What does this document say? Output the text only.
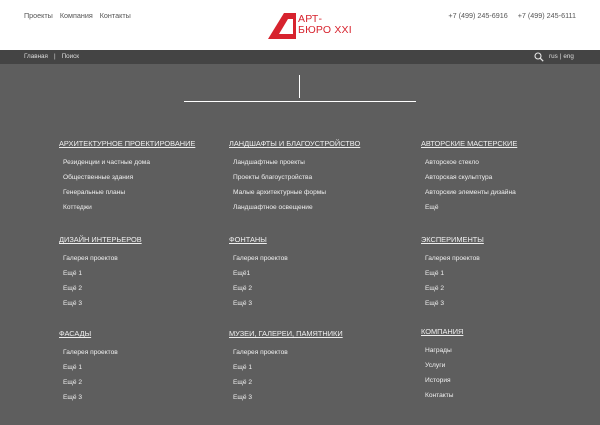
Проекты Компания Контакты	АРТ-
БЮРО XXI
+7 (499) 245-6916 +7 (499) 245-6111
Главная | Поиск	rus | eng
АРХИТЕКТУРНОЕ ПРОЕКТИРОВАНИЕ
Резиденции и частные дома
Общественные здания
Генеральные планы
Коттеджи
ЛАНДШАФТЫ И БЛАГОУСТРОЙСТВО
Ландшафтные проекты
Проекты благоустройства
Малые архитектурные формы
Ландшафтное освещение
АВТОРСКИЕ МАСТЕРСКИЕ
Авторское стекло
Авторская скульптура
Авторские элементы дизайна
Ещё
ДИЗАЙН ИНТЕРЬЕРОВ
Галерея проектов
Ещё 1
Ещё 2
Ещё 3
ФОНТАНЫ
Галерея проектов
Ещё1
Ещё 2
Ещё 3
ЭКСПЕРИМЕНТЫ
Галерея проектов
Ещё 1
Ещё 2
Ещё 3
ФАСАДЫ
Галерея проектов
Ещё 1
Ещё 2
Ещё 3
МУЗЕИ, ГАЛЕРЕИ, ПАМЯТНИКИ
Галерея проектов
Ещё 1
Ещё 2
Ещё 3
КОМПАНИЯ
Награды
Услуги
История
Контакты
